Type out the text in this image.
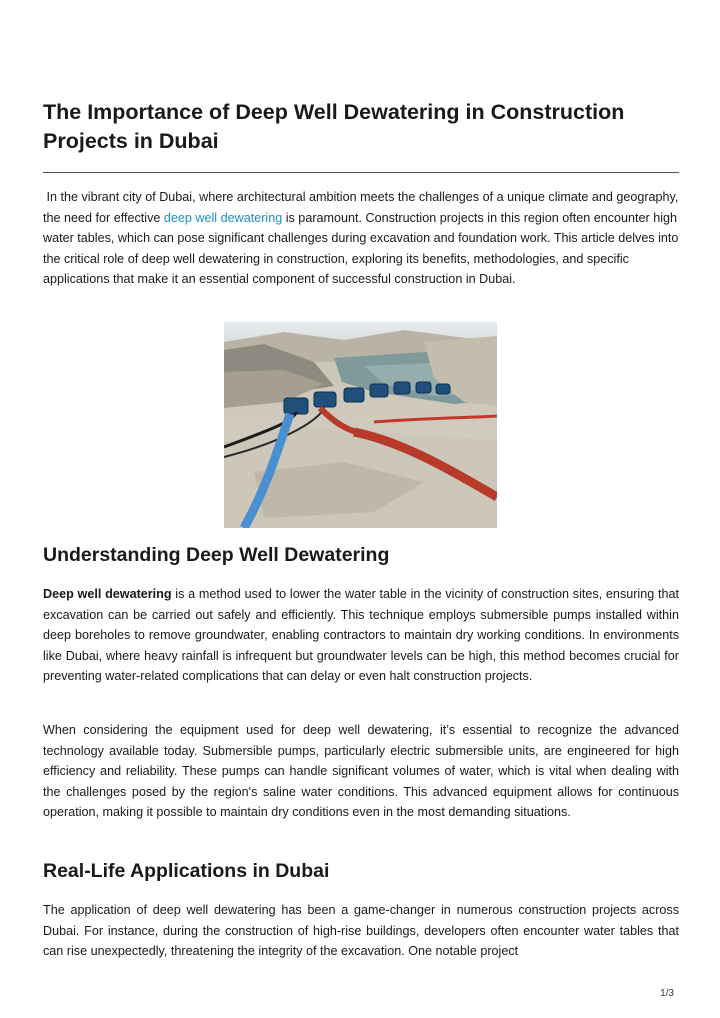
The Importance of Deep Well Dewatering in Construction Projects in Dubai

In the vibrant city of Dubai, where architectural ambition meets the challenges of a unique climate and geography, the need for effective deep well dewatering is paramount. Construction projects in this region often encounter high water tables, which can pose significant challenges during excavation and foundation work. This article delves into the critical role of deep well dewatering in construction, exploring its benefits, methodologies, and specific applications that make it an essential component of successful construction in Dubai.

Understanding Deep Well Dewatering

Deep well dewatering is a method used to lower the water table in the vicinity of construction sites, ensuring that excavation can be carried out safely and efficiently. This technique employs submersible pumps installed within deep boreholes to remove groundwater, enabling contractors to maintain dry working conditions. In environments like Dubai, where heavy rainfall is infrequent but groundwater levels can be high, this method becomes crucial for preventing water-related complications that can delay or even halt construction projects.

When considering the equipment used for deep well dewatering, it’s essential to recognize the advanced technology available today. Submersible pumps, particularly electric submersible units, are engineered for high efficiency and reliability. These pumps can handle significant volumes of water, which is vital when dealing with the challenges posed by the region's saline water conditions. This advanced equipment allows for continuous operation, making it possible to maintain dry conditions even in the most demanding situations.

Real-Life Applications in Dubai

The application of deep well dewatering has been a game-changer in numerous construction projects across Dubai. For instance, during the construction of high-rise buildings, developers often encounter water tables that can rise unexpectedly, threatening the integrity of the excavation. One notable project

1/3
